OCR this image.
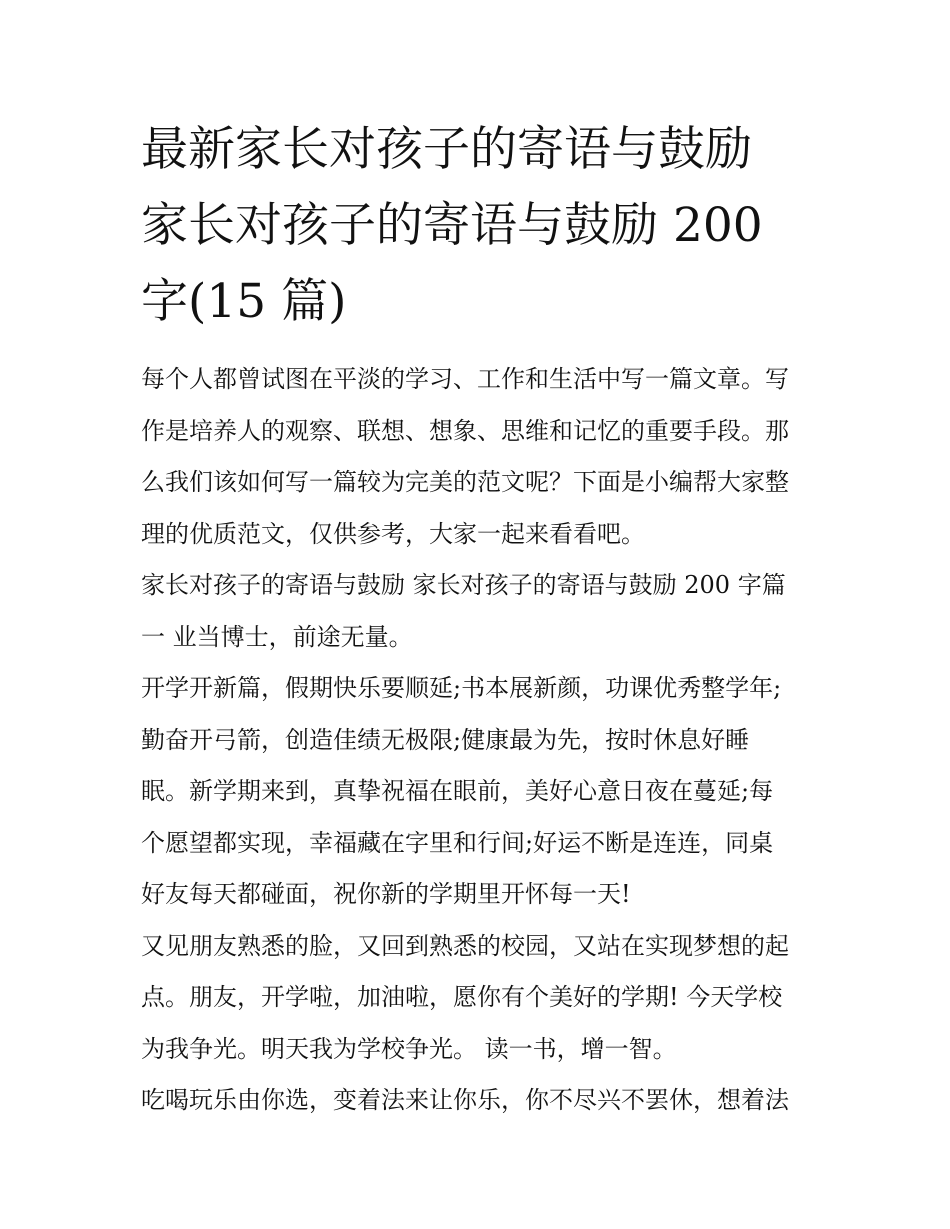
最新家长对孩子的寄语与鼓励
家长对孩子的寄语与鼓励 200
字(15 篇)

每个人都曾试图在平淡的学习、工作和生活中写一篇文章。写
作是培养人的观察、联想、想象、思维和记忆的重要手段。那
么我们该如何写一篇较为完美的范文呢？下面是小编帮大家整
理的优质范文，仅供参考，大家一起来看看吧。

家长对孩子的寄语与鼓励 家长对孩子的寄语与鼓励 200 字篇
一 业当博士，前途无量。

开学开新篇，假期快乐要顺延;书本展新颜，功课优秀整学年;
勤奋开弓箭，创造佳绩无极限;健康最为先，按时休息好睡
眠。新学期来到，真挚祝福在眼前，美好心意日夜在蔓延;每
个愿望都实现，幸福藏在字里和行间;好运不断是连连，同桌
好友每天都碰面，祝你新的学期里开怀每一天!

又见朋友熟悉的脸，又回到熟悉的校园，又站在实现梦想的起
点。朋友，开学啦，加油啦，愿你有个美好的学期! 今天学校
为我争光。明天我为学校争光。 读一书，增一智。

吃喝玩乐由你选，变着法来让你乐，你不尽兴不罢休，想着法
